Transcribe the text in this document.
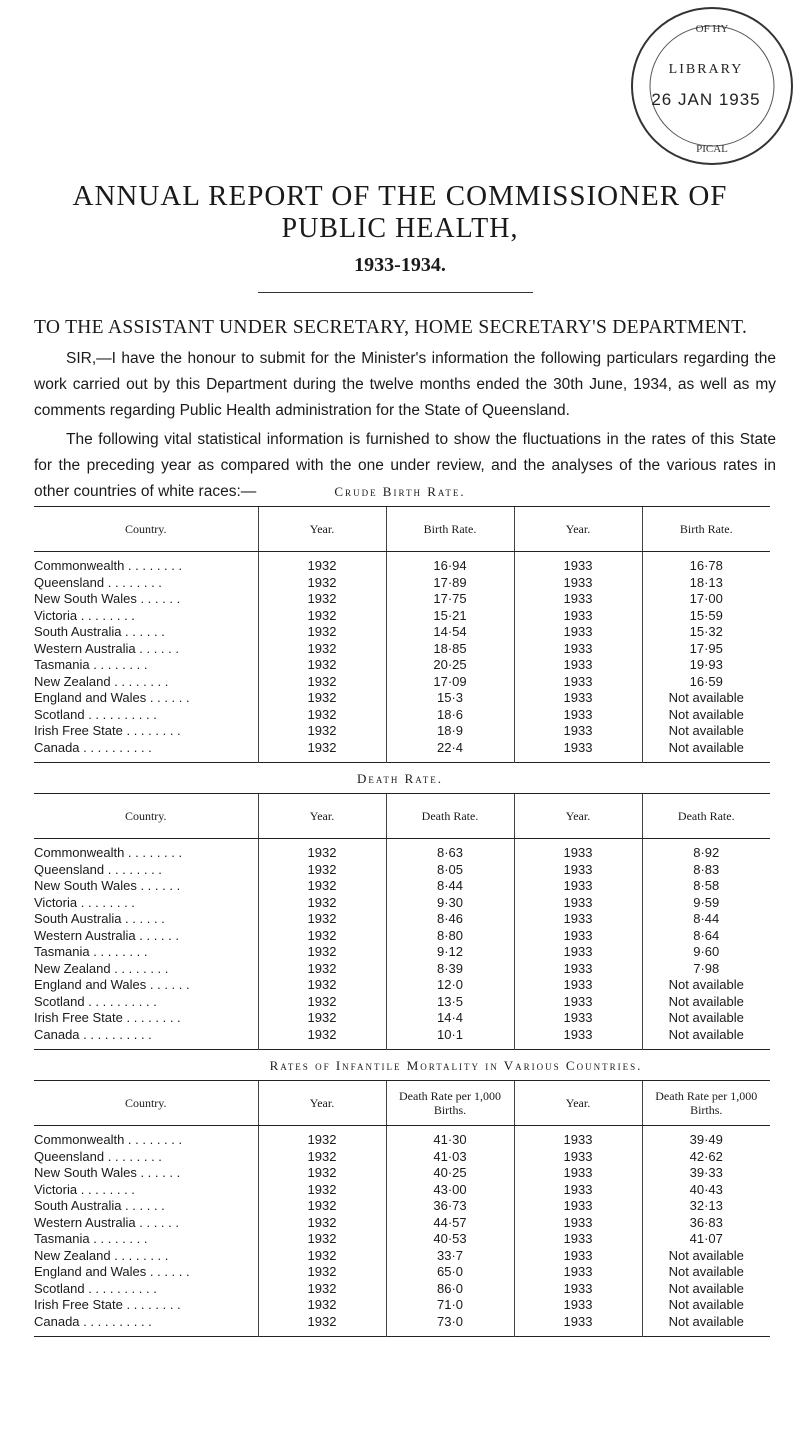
OF HY
PICAL
LIBRARY
26 JAN 1935
ANNUAL REPORT OF THE COMMISSIONER OF
PUBLIC HEALTH,
1933-1934.
TO THE ASSISTANT UNDER SECRETARY, HOME SECRETARY'S DEPARTMENT.
SIR,—I have the honour to submit for the Minister's information the following particulars regarding the work carried out by this Department during the twelve months ended the 30th June, 1934, as well as my comments regarding Public Health administration for the State of Queensland.
The following vital statistical information is furnished to show the fluctuations in the rates of this State for the preceding year as compared with the one under review, and the analyses of the various rates in other countries of white races:—	Crude Birth Rate.
Country.	Year.	Birth Rate.	Year.	Birth Rate.
Commonwealth . . . . . . . .	1932	16·94	1933	16·78
Queensland . . . . . . . .	1932	17·89	1933	18·13
New South Wales . . . . . .	1932	17·75	1933	17·00
Victoria . . . . . . . .	1932	15·21	1933	15·59
South Australia . . . . . .	1932	14·54	1933	15·32
Western Australia . . . . . .	1932	18·85	1933	17·95
Tasmania . . . . . . . .	1932	20·25	1933	19·93
New Zealand . . . . . . . .	1932	17·09	1933	16·59
England and Wales . . . . . .	1932	15·3	1933	Not available
Scotland . . . . . . . . . .	1932	18·6	1933	Not available
Irish Free State . . . . . . . .	1932	18·9	1933	Not available
Canada . . . . . . . . . .	1932	22·4	1933	Not available
Death Rate.
Country.	Year.	Death Rate.	Year.	Death Rate.
Commonwealth . . . . . . . .	1932	8·63	1933	8·92
Queensland . . . . . . . .	1932	8·05	1933	8·83
New South Wales . . . . . .	1932	8·44	1933	8·58
Victoria . . . . . . . .	1932	9·30	1933	9·59
South Australia . . . . . .	1932	8·46	1933	8·44
Western Australia . . . . . .	1932	8·80	1933	8·64
Tasmania . . . . . . . .	1932	9·12	1933	9·60
New Zealand . . . . . . . .	1932	8·39	1933	7·98
England and Wales . . . . . .	1932	12·0	1933	Not available
Scotland . . . . . . . . . .	1932	13·5	1933	Not available
Irish Free State . . . . . . . .	1932	14·4	1933	Not available
Canada . . . . . . . . . .	1932	10·1	1933	Not available
Rates of Infantile Mortality in Various Countries.
Country.	Year.	Death Rate per 1,000 Births.	Year.	Death Rate per 1,000 Births.
Commonwealth . . . . . . . .	1932	41·30	1933	39·49
Queensland . . . . . . . .	1932	41·03	1933	42·62
New South Wales . . . . . .	1932	40·25	1933	39·33
Victoria . . . . . . . .	1932	43·00	1933	40·43
South Australia . . . . . .	1932	36·73	1933	32·13
Western Australia . . . . . .	1932	44·57	1933	36·83
Tasmania . . . . . . . .	1932	40·53	1933	41·07
New Zealand . . . . . . . .	1932	33·7	1933	Not available
England and Wales . . . . . .	1932	65·0	1933	Not available
Scotland . . . . . . . . . .	1932	86·0	1933	Not available
Irish Free State . . . . . . . .	1932	71·0	1933	Not available
Canada . . . . . . . . . .	1932	73·0	1933	Not available
